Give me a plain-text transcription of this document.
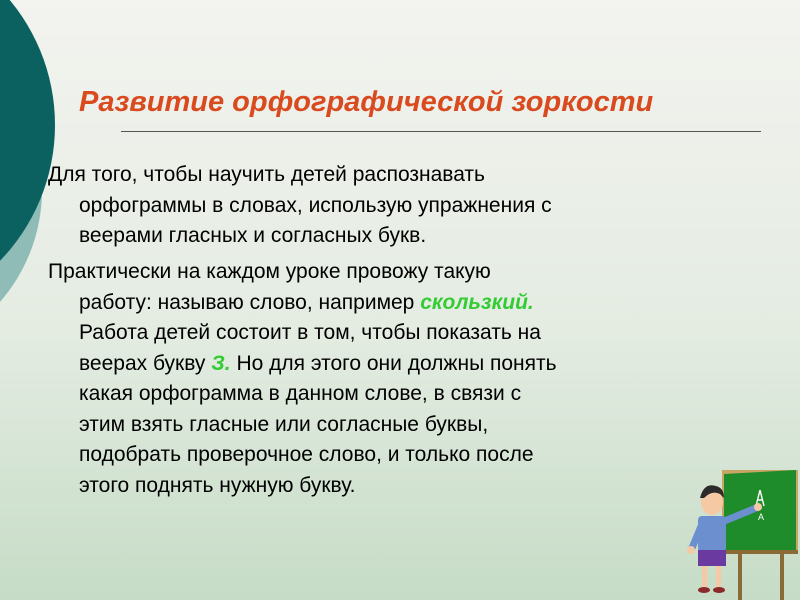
Развитие орфографической зоркости
Для того, чтобы научить детей распознавать
орфограммы в словах, использую упражнения с
веерами гласных и согласных букв.
Практически на каждом уроке провожу такую
работу: называю слово, например скользкий.
Работа детей состоит в том, чтобы показать на
веерах букву З. Но для этого они должны понять
какая орфограмма в данном слове, в связи с
этим взять гласные или согласные буквы,
подобрать проверочное слово, и только после
этого поднять нужную букву.
А
